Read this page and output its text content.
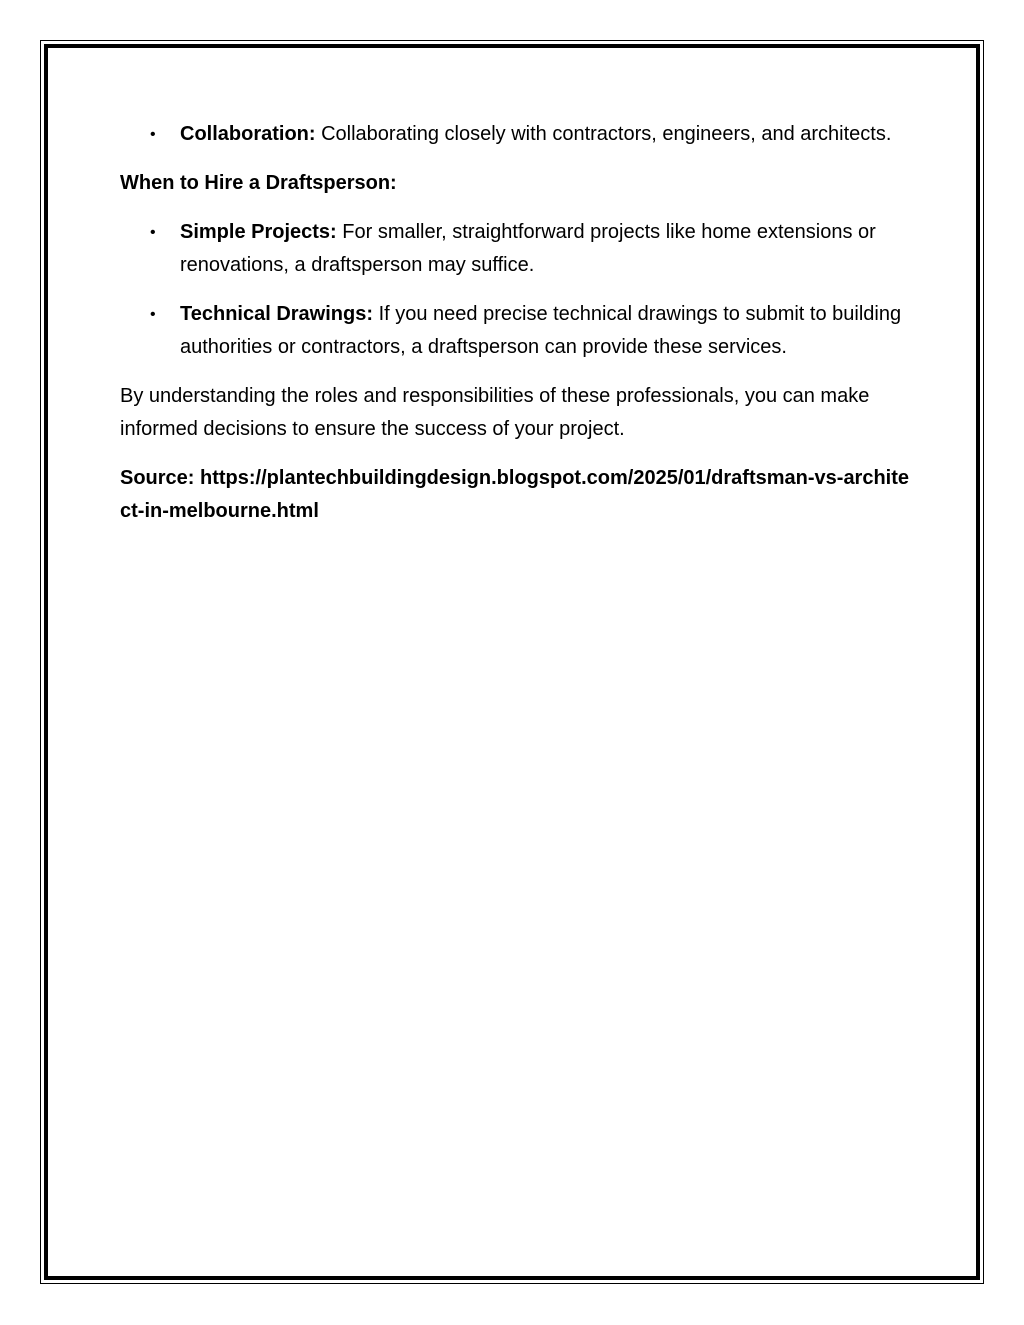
• Collaboration: Collaborating closely with contractors, engineers, and architects.

When to Hire a Draftsperson:

• Simple Projects: For smaller, straightforward projects like home extensions or renovations, a draftsperson may suffice.
• Technical Drawings: If you need precise technical drawings to submit to building authorities or contractors, a draftsperson can provide these services.

By understanding the roles and responsibilities of these professionals, you can make informed decisions to ensure the success of your project.

Source: https://plantechbuildingdesign.blogspot.com/2025/01/draftsman-vs-architect-in-melbourne.html
